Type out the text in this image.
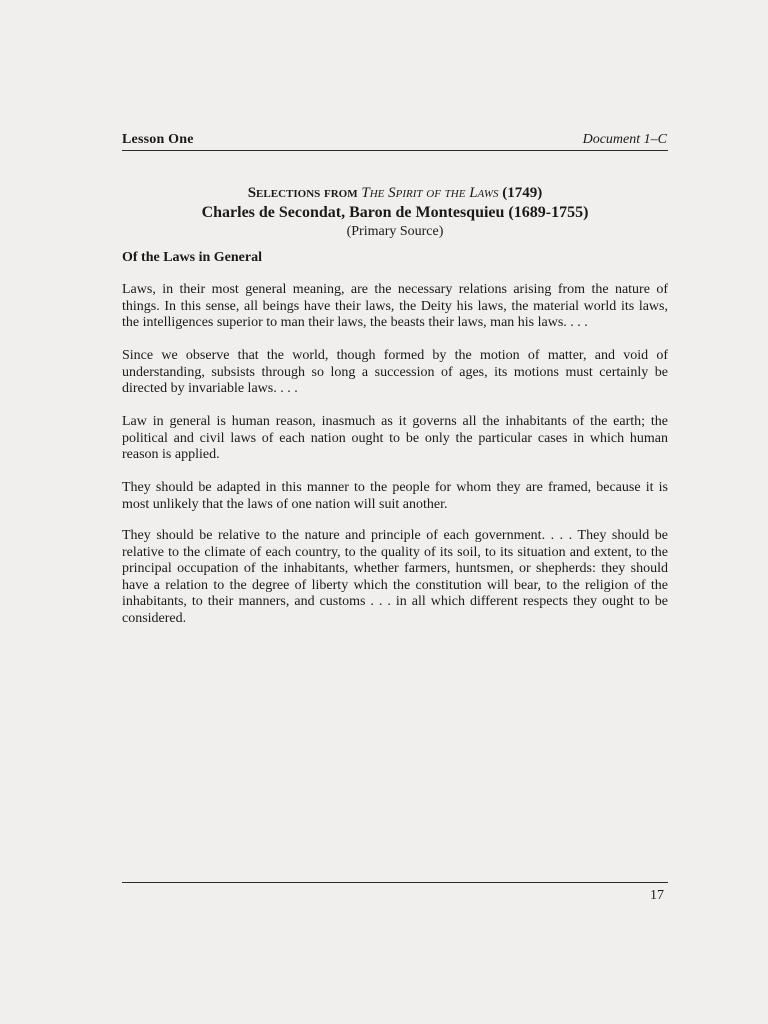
Lesson One	Document 1–C
Selections from The Spirit of the Laws (1749)
Charles de Secondat, Baron de Montesquieu (1689-1755)
(Primary Source)
Of the Laws in General

Laws, in their most general meaning, are the necessary relations arising from the nature of things. In this sense, all beings have their laws, the Deity his laws, the material world its laws, the intelligences superior to man their laws, the beasts their laws, man his laws. . . .

Since we observe that the world, though formed by the motion of matter, and void of understanding, subsists through so long a succession of ages, its motions must certainly be directed by invariable laws. . . .

Law in general is human reason, inasmuch as it governs all the inhabitants of the earth; the political and civil laws of each nation ought to be only the particular cases in which human reason is applied.

They should be adapted in this manner to the people for whom they are framed, because it is most unlikely that the laws of one nation will suit another.

They should be relative to the nature and principle of each government. . . . They should be relative to the climate of each country, to the quality of its soil, to its situation and extent, to the principal occupation of the inhabitants, whether farmers, huntsmen, or shepherds: they should have a relation to the degree of liberty which the constitution will bear, to the religion of the inhabitants, to their manners, and customs . . . in all which different respects they ought to be considered.

17
